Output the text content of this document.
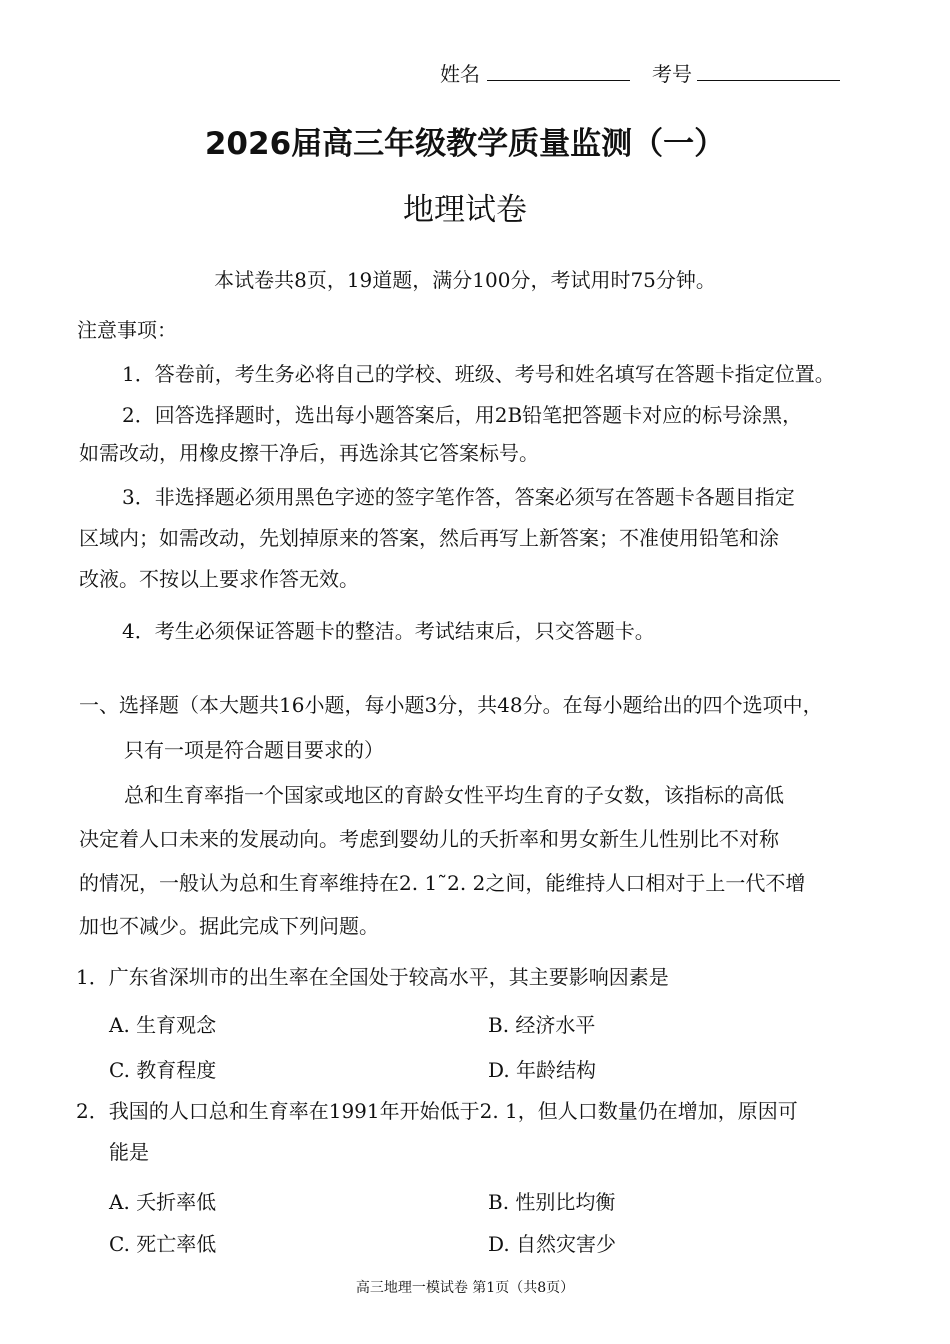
姓名	考号
2026届高三年级教学质量监测（一）
地理试卷
本试卷共8页，19道题，满分100分，考试用时75分钟。
注意事项：
1．答卷前，考生务必将自己的学校、班级、考号和姓名填写在答题卡指定位置。
2．回答选择题时，选出每小题答案后，用2B铅笔把答题卡对应的标号涂黑，
如需改动，用橡皮擦干净后，再选涂其它答案标号。
3．非选择题必须用黑色字迹的签字笔作答，答案必须写在答题卡各题目指定
区域内；如需改动，先划掉原来的答案，然后再写上新答案；不准使用铅笔和涂
改液。不按以上要求作答无效。
4．考生必须保证答题卡的整洁。考试结束后，只交答题卡。
一、选择题（本大题共16小题，每小题3分，共48分。在每小题给出的四个选项中，
只有一项是符合题目要求的）
总和生育率指一个国家或地区的育龄女性平均生育的子女数，该指标的高低
决定着人口未来的发展动向。考虑到婴幼儿的夭折率和男女新生儿性别比不对称
的情况，一般认为总和生育率维持在2. 1˜2. 2之间，能维持人口相对于上一代不增
加也不减少。据此完成下列问题。
1．广东省深圳市的出生率在全国处于较高水平，其主要影响因素是
A. 生育观念	B. 经济水平
C. 教育程度	D. 年龄结构
2．我国的人口总和生育率在1991年开始低于2. 1，但人口数量仍在增加，原因可
能是
A. 夭折率低	B. 性别比均衡
C. 死亡率低	D. 自然灾害少
高三地理一模试卷 第1页（共8页）
